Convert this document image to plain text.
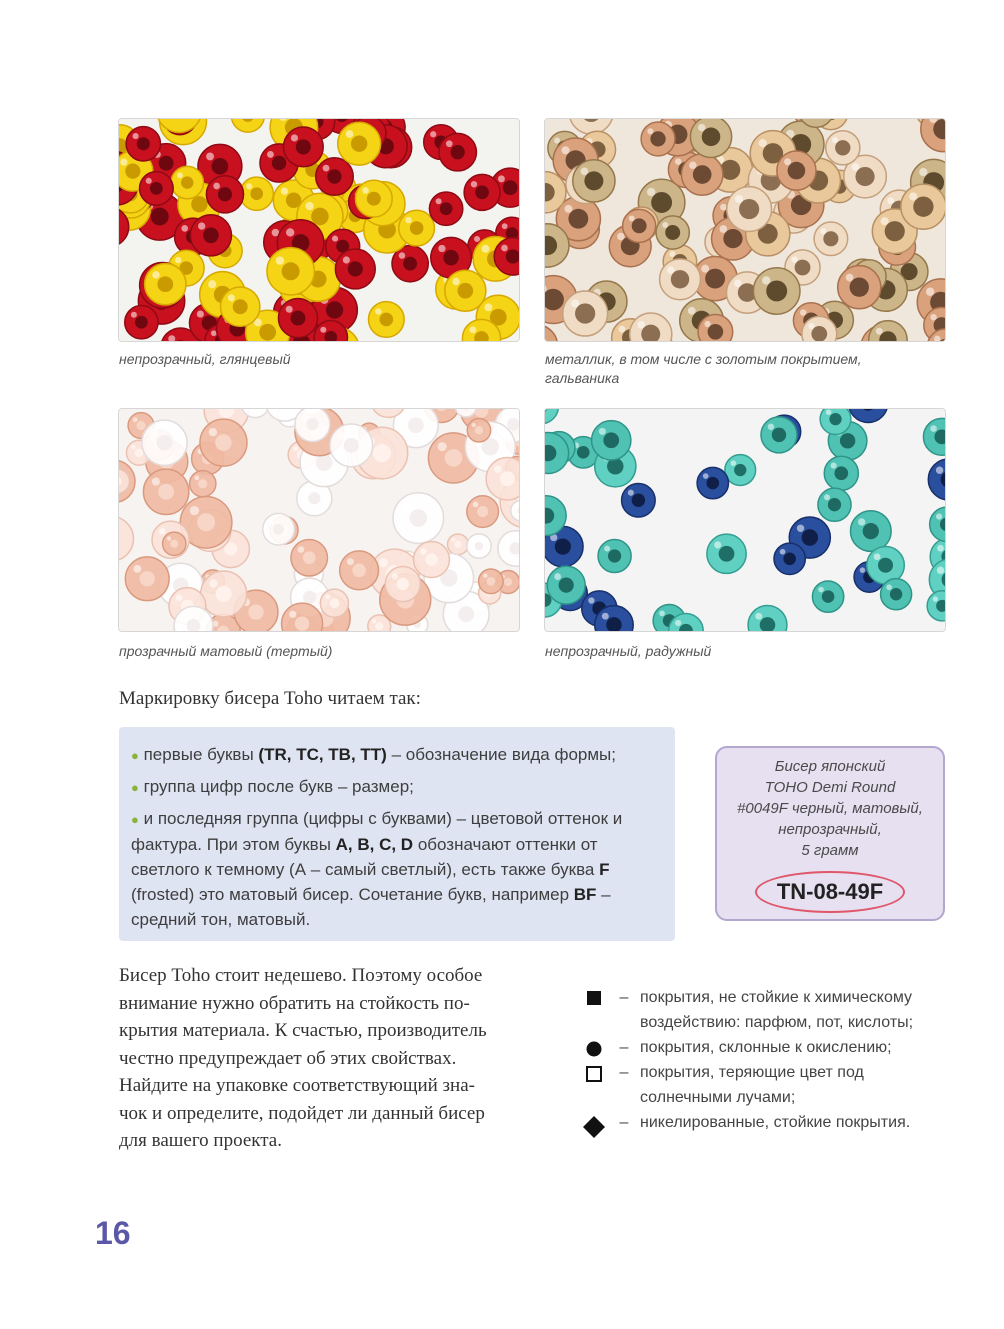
непрозрачный, глянцевый	металлик, в том числе с золотым покрытием,
гальваника
прозрачный матовый (тертый)	непрозрачный, радужный
Маркировку бисера Toho читаем так:

● первые буквы (TR, TC, TB, TT) – обозначение вида формы;

● группа цифр после букв – размер;

● и последняя группа (цифры с буквами) – цветовой оттенок и фактура. При этом буквы A, B, C, D обозначают оттенки от светлого к темному (А – самый светлый), есть также буква F (frosted) это матовый бисер. Сочетание букв, например BF – средний тон, матовый.

Бисер японский
TOHO Demi Round
#0049F черный, матовый,
непрозрачный,
5 грамм
TN-08-49F
Бисер Toho стоит недешево. Поэтому особое
внимание нужно обратить на стойкость по-
крытия материала. К счастью, производитель
честно предупреждает об этих свойствах.
Найдите на упаковке соответствующий зна-
чок и определите, подойдет ли данный бисер
для вашего проекта.
– покрытия, не стойкие к химическому воздействию: парфюм, пот, кислоты;
– покрытия, склонные к окислению;
– покрытия, теряющие цвет под солнечными лучами;
– никелированные, стойкие покрытия.
16
